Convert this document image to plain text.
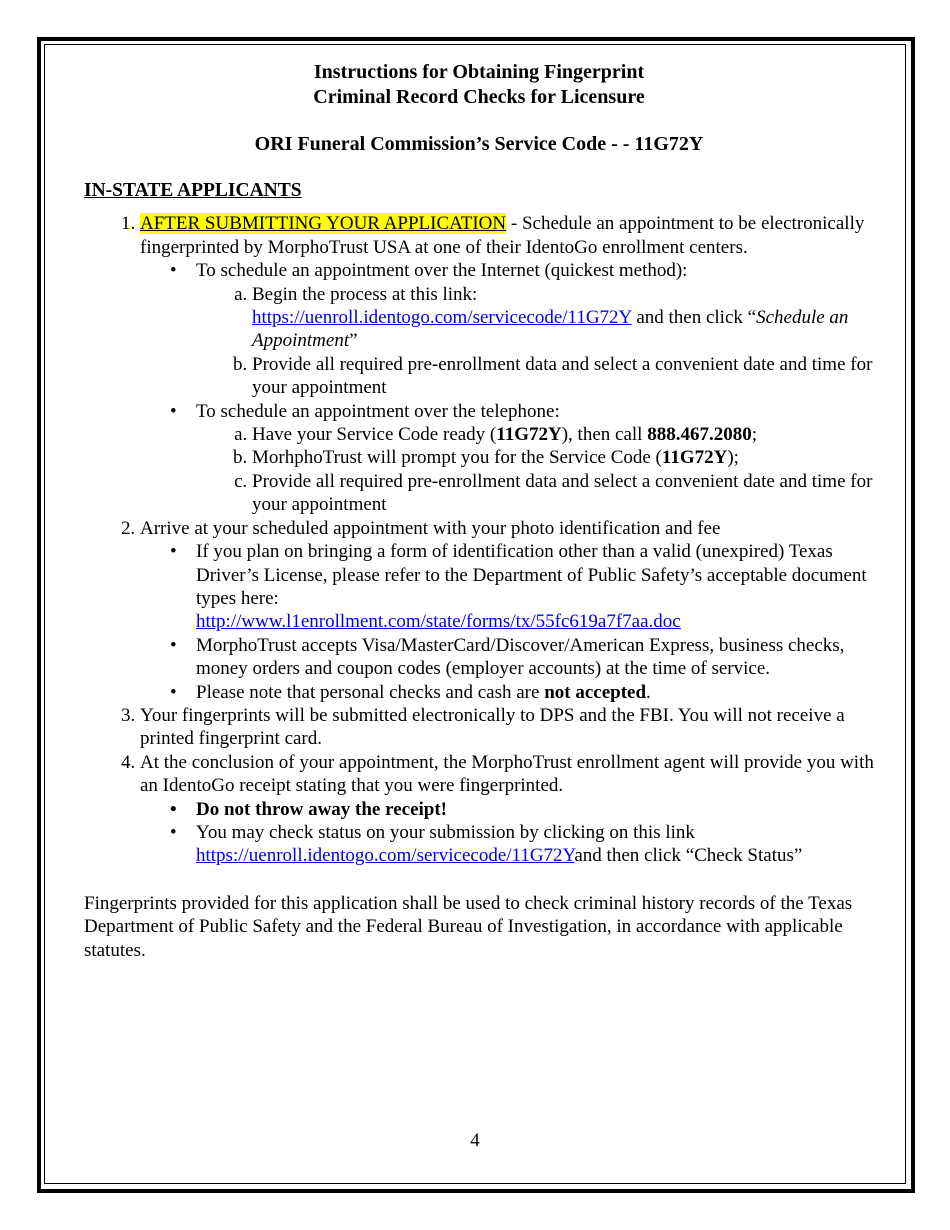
Instructions for Obtaining Fingerprint
Criminal Record Checks for Licensure

ORI Funeral Commission’s Service Code - - 11G72Y

IN-STATE APPLICANTS

1. AFTER SUBMITTING YOUR APPLICATION - Schedule an appointment to be electronically fingerprinted by MorphoTrust USA at one of their IdentoGo enrollment centers.
• To schedule an appointment over the Internet (quickest method):
a. Begin the process at this link:
https://uenroll.identogo.com/servicecode/11G72Y and then click “Schedule an Appointment”
b. Provide all required pre-enrollment data and select a convenient date and time for your appointment
• To schedule an appointment over the telephone:
a. Have your Service Code ready (11G72Y), then call 888.467.2080;
b. MorhphoTrust will prompt you for the Service Code (11G72Y);
c. Provide all required pre-enrollment data and select a convenient date and time for your appointment
2. Arrive at your scheduled appointment with your photo identification and fee
• If you plan on bringing a form of identification other than a valid (unexpired) Texas Driver’s License, please refer to the Department of Public Safety’s acceptable document types here:
http://www.l1enrollment.com/state/forms/tx/55fc619a7f7aa.doc
• MorphoTrust accepts Visa/MasterCard/Discover/American Express, business checks, money orders and coupon codes (employer accounts) at the time of service.
• Please note that personal checks and cash are not accepted.
3. Your fingerprints will be submitted electronically to DPS and the FBI. You will not receive a printed fingerprint card.
4. At the conclusion of your appointment, the MorphoTrust enrollment agent will provide you with an IdentoGo receipt stating that you were fingerprinted.
• Do not throw away the receipt!
• You may check status on your submission by clicking on this link
https://uenroll.identogo.com/servicecode/11G72Yand then click “Check Status”

Fingerprints provided for this application shall be used to check criminal history records of the Texas Department of Public Safety and the Federal Bureau of Investigation, in accordance with applicable statutes.

4
